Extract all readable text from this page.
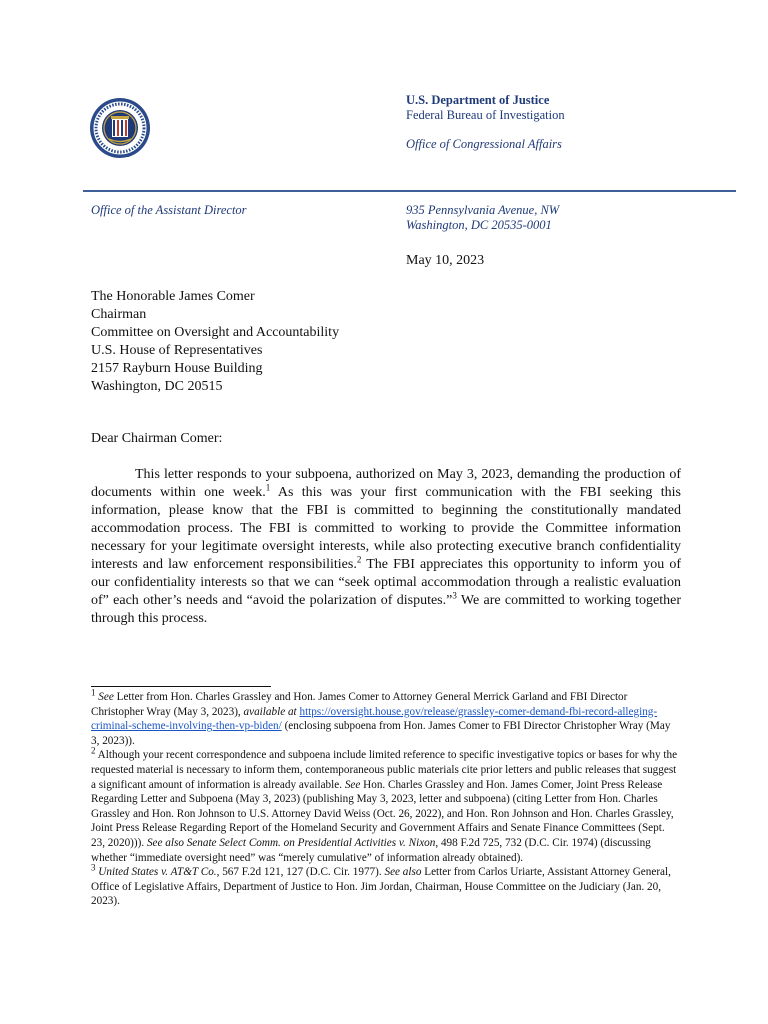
U.S. Department of Justice
Federal Bureau of Investigation
Office of Congressional Affairs
Office of the Assistant Director	935 Pennsylvania Avenue, NW
Washington, DC 20535-0001
May 10, 2023
The Honorable James Comer
Chairman
Committee on Oversight and Accountability
U.S. House of Representatives
2157 Rayburn House Building
Washington, DC 20515
Dear Chairman Comer:
This letter responds to your subpoena, authorized on May 3, 2023, demanding the production of documents within one week.$^1$ As this was your first communication with the FBI seeking this information, please know that the FBI is committed to beginning the constitutionally mandated accommodation process. The FBI is committed to working to provide the Committee information necessary for your legitimate oversight interests, while also protecting executive branch confidentiality interests and law enforcement responsibilities.$^2$ The FBI appreciates this opportunity to inform you of our confidentiality interests so that we can “seek optimal accommodation through a realistic evaluation of” each other’s needs and “avoid the polarization of disputes.”$^3$ We are committed to working together through this process.

$^1$ See Letter from Hon. Charles Grassley and Hon. James Comer to Attorney General Merrick Garland and FBI Director Christopher Wray (May 3, 2023), available at https://oversight.house.gov/release/grassley-comer-demand-fbi-record-alleging-criminal-scheme-involving-then-vp-biden/ (enclosing subpoena from Hon. James Comer to FBI Director Christopher Wray (May 3, 2023)).

$^2$ Although your recent correspondence and subpoena include limited reference to specific investigative topics or bases for why the requested material is necessary to inform them, contemporaneous public materials cite prior letters and public releases that suggest a significant amount of information is already available. See Hon. Charles Grassley and Hon. James Comer, Joint Press Release Regarding Letter and Subpoena (May 3, 2023) (publishing May 3, 2023, letter and subpoena) (citing Letter from Hon. Charles Grassley and Hon. Ron Johnson to U.S. Attorney David Weiss (Oct. 26, 2022), and Hon. Ron Johnson and Hon. Charles Grassley, Joint Press Release Regarding Report of the Homeland Security and Government Affairs and Senate Finance Committees (Sept. 23, 2020))). See also Senate Select Comm. on Presidential Activities v. Nixon, 498 F.2d 725, 732 (D.C. Cir. 1974) (discussing whether “immediate oversight need” was “merely cumulative” of information already obtained).

$^3$ United States v. AT&T Co., 567 F.2d 121, 127 (D.C. Cir. 1977). See also Letter from Carlos Uriarte, Assistant Attorney General, Office of Legislative Affairs, Department of Justice to Hon. Jim Jordan, Chairman, House Committee on the Judiciary (Jan. 20, 2023).
